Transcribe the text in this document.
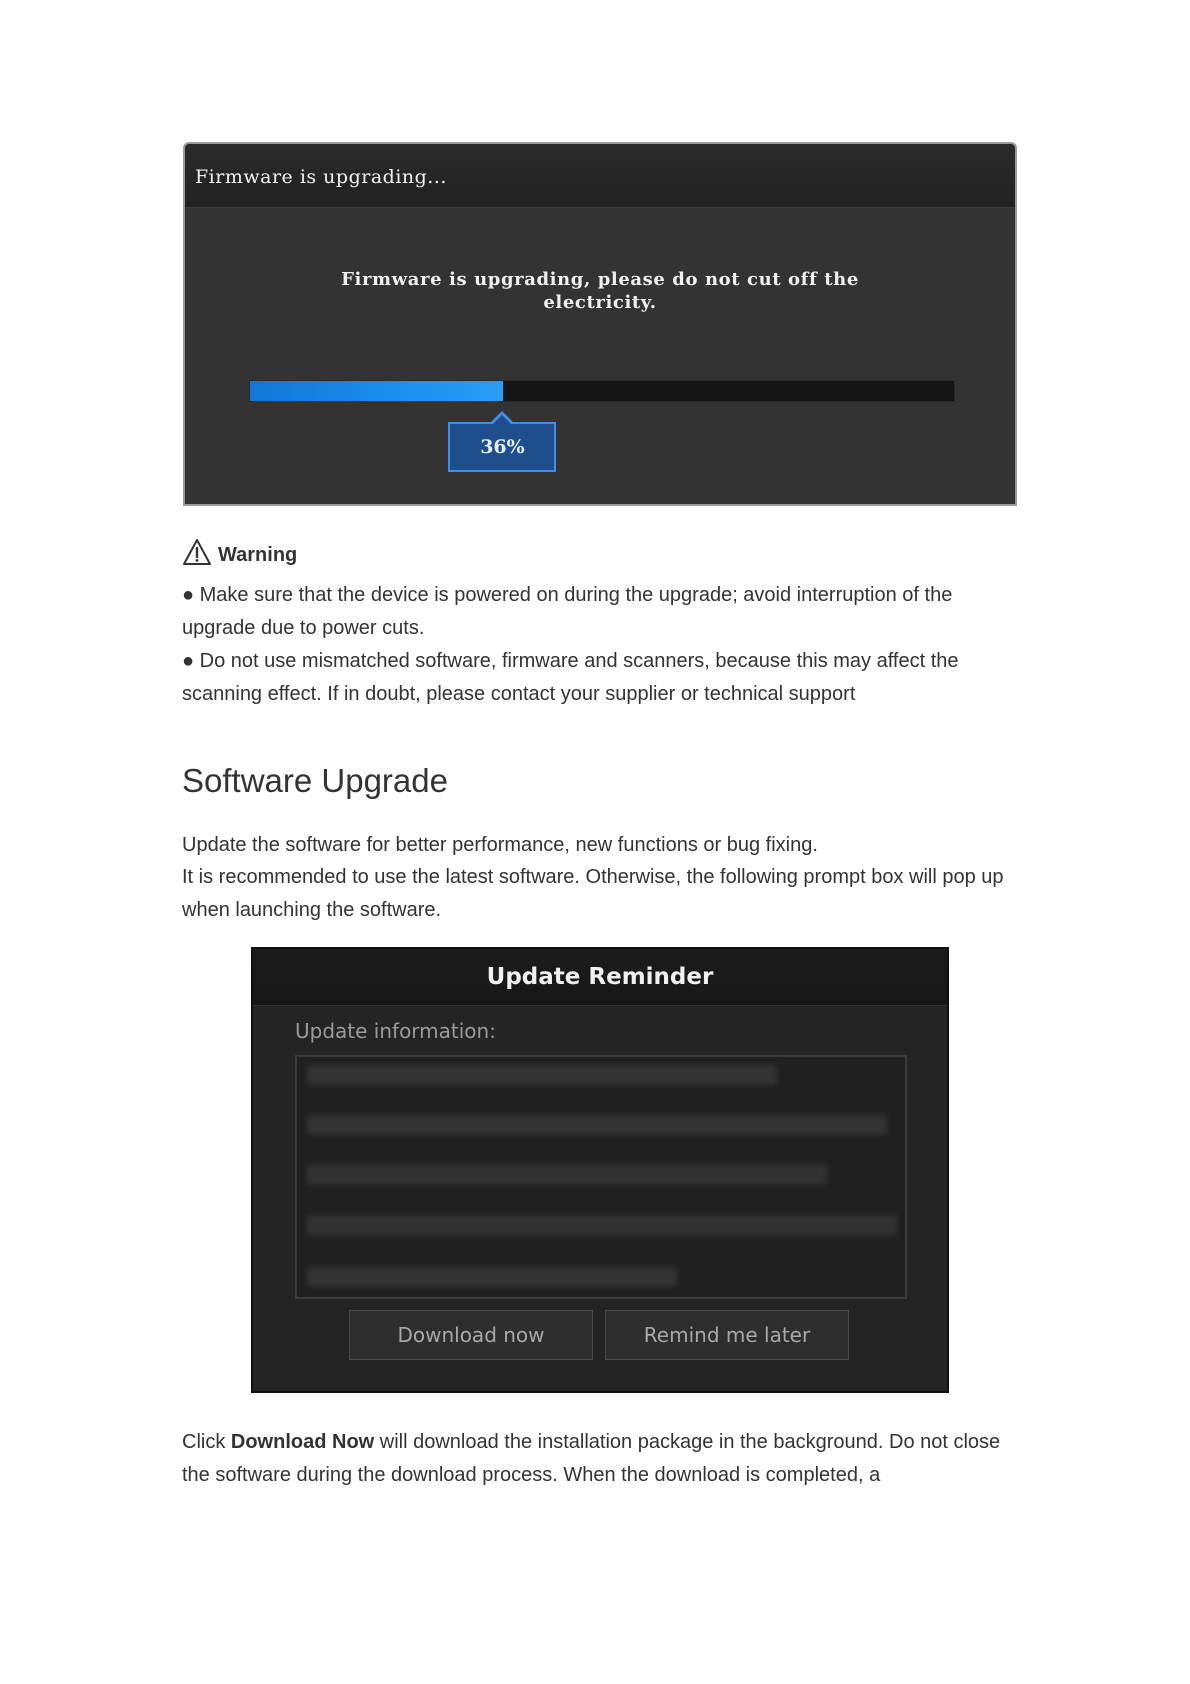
Firmware is upgrading...
Firmware is upgrading, please do not cut off the
electricity.
36%
Warning
● Make sure that the device is powered on during the upgrade; avoid interruption of the upgrade due to power cuts.
● Do not use mismatched software, firmware and scanners, because this may affect the scanning effect. If in doubt, please contact your supplier or technical support
Software Upgrade
Update the software for better performance, new functions or bug fixing.
It is recommended to use the latest software. Otherwise, the following prompt box will pop up when launching the software.
Update Reminder
Update information:
Download now	Remind me later
Click Download Now will download the installation package in the background. Do not close the software during the download process. When the download is completed, a
